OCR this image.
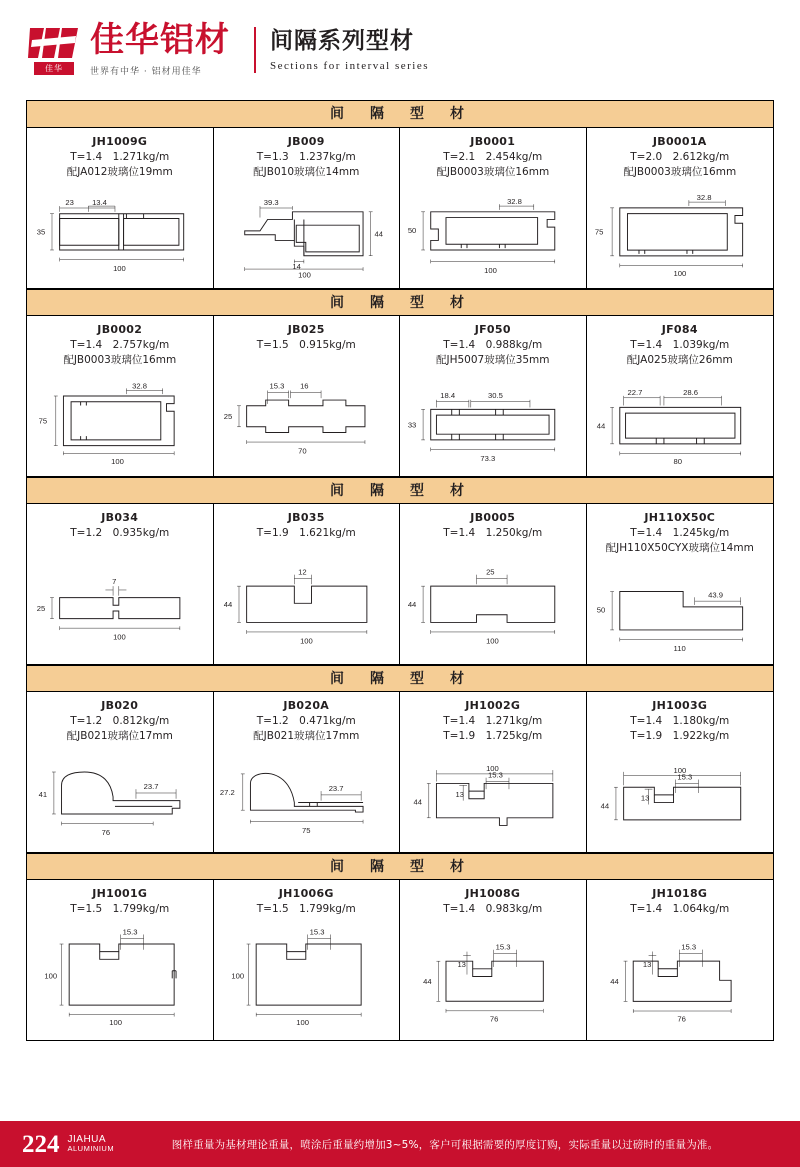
佳华
佳华铝材
世界有中华 · 铝材用佳华
间隔系列型材
Sections for interval series
间　隔　型　材
JH1009G
T=1.4　1.271kg/m
配JA012玻璃位19mm
23 13.4
35
100
JB009
T=1.3　1.237kg/m
配JB010玻璃位14mm
39.3
44
14
100
JB0001
T=2.1　2.454kg/m
配JB0003玻璃位16mm
32.8
50
100
JB0001A
T=2.0　2.612kg/m
配JB0003玻璃位16mm
32.8
75
100
间　隔　型　材
JB0002
T=1.4　2.757kg/m
配JB0003玻璃位16mm
32.8
75
100
JB025
T=1.5　0.915kg/m
15.3 16
25
70
JF050
T=1.4　0.988kg/m
配JH5007玻璃位35mm
18.4	30.5
33
73.3
JF084
T=1.4　1.039kg/m
配JA025玻璃位26mm
22.7	28.6
44
80
间　隔　型　材
JB034
T=1.2　0.935kg/m
7
25
100
JB035
T=1.9　1.621kg/m
12
44
100
JB0005
T=1.4　1.250kg/m
25
44
100
JH110X50C
T=1.4　1.245kg/m
配JH110X50CYX玻璃位14mm
43.9
50
110
间　隔　型　材
JB020
T=1.2　0.812kg/m
配JB021玻璃位17mm
23.7
41
76
JB020A
T=1.2　0.471kg/m
配JB021玻璃位17mm
23.7
27.2
75
JH1002G
T=1.4　1.271kg/m
T=1.9　1.725kg/m
100
13
15.3
44
JH1003G
T=1.4　1.180kg/m
T=1.9　1.922kg/m
100
13
15.3
44
间　隔　型　材
JH1001G
T=1.5　1.799kg/m
15.3
100
100
JH1006G
T=1.5　1.799kg/m
15.3
100
100
JH1008G
T=1.4　0.983kg/m
13
15.3
44
76
JH1018G
T=1.4　1.064kg/m
13
15.3
44
76
224 JIAHUA
ALUMINIUM	图样重量为基材理论重量，喷涂后重量约增加3~5%，客户可根据需要的厚度订购，实际重量以过磅时的重量为准。
